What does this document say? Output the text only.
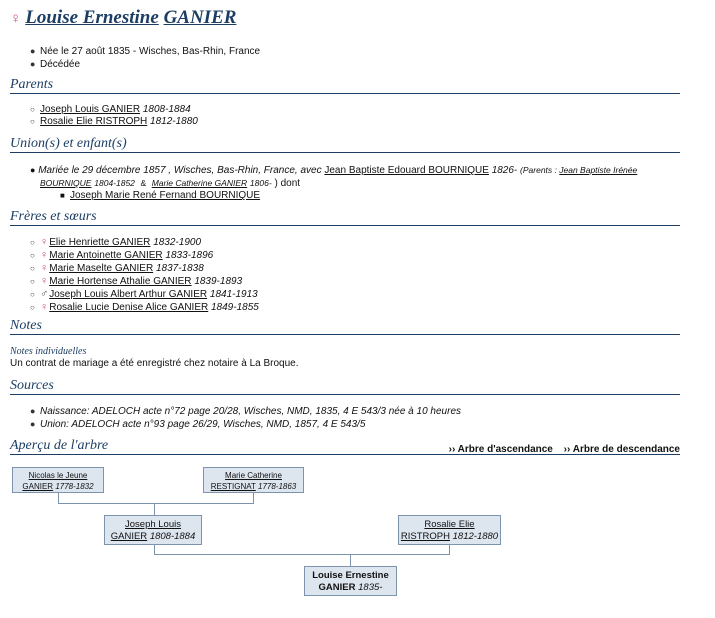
♀ Louise Ernestine GANIER
● Née le 27 août 1835 - Wisches, Bas-Rhin, France
● Décédée
Parents
○ Joseph Louis GANIER 1808-1884
○ Rosalie Elie RISTROPH 1812-1880
Union(s) et enfant(s)
● Mariée le 29 décembre 1857 , Wisches, Bas-Rhin, France, avec Jean Baptiste Edouard BOURNIQUE 1826- (Parents : Jean Baptiste Irénée BOURNIQUE 1804-1852 & Marie Catherine GANIER 1806- ) dont
■ Joseph Marie René Fernand BOURNIQUE
Frères et sœurs
○ ♀Elie Henriette GANIER 1832-1900
○ ♀Marie Antoinette GANIER 1833-1896
○ ♀Marie Maselte GANIER 1837-1838
○ ♀Marie Hortense Athalie GANIER 1839-1893
○ ♂Joseph Louis Albert Arthur GANIER 1841-1913
○ ♀Rosalie Lucie Denise Alice GANIER 1849-1855
Notes
Notes individuelles
Un contrat de mariage a été enregistré chez notaire à La Broque.
Sources
● Naissance: ADELOCH acte n°72 page 20/28, Wisches, NMD, 1835, 4 E 543/3 née à 10 heures
● Union: ADELOCH acte n°93 page 26/29, Wisches, NMD, 1857, 4 E 543/5
Aperçu de l'arbre	›› Arbre d'ascendance ›› Arbre de descendance
Nicolas le Jeune
GANIER 1778-1832
Marie Catherine
RESTIGNAT 1778-1863
Joseph Louis
GANIER 1808-1884
Rosalie Elie
RISTROPH 1812-1880
Louise Ernestine
GANIER 1835-
